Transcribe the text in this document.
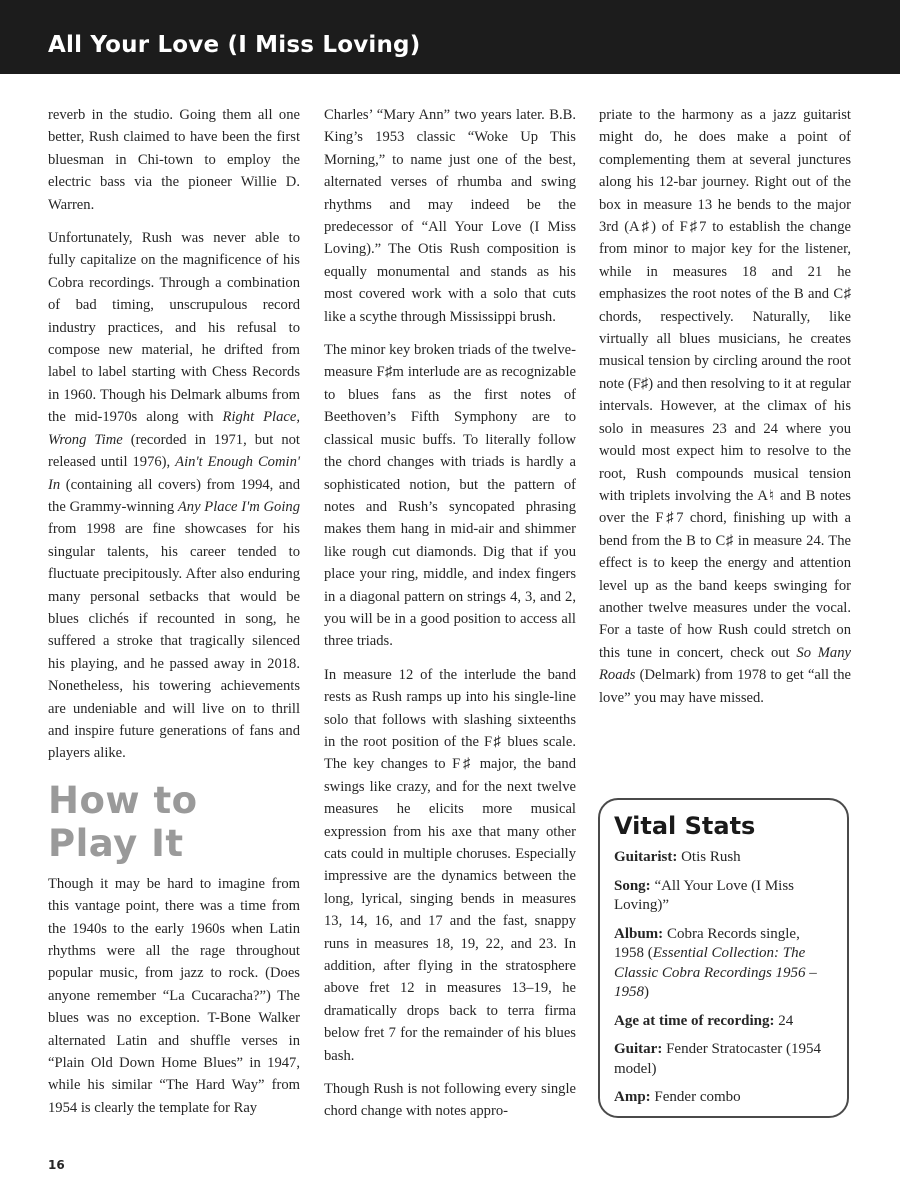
All Your Love (I Miss Loving)

reverb in the studio. Going them all one better, Rush claimed to have been the first bluesman in Chi-town to employ the electric bass via the pioneer Willie D. Warren.

Unfortunately, Rush was never able to fully capitalize on the magnificence of his Cobra recordings. Through a combination of bad timing, unscrupulous record industry practices, and his refusal to compose new material, he drifted from label to label starting with Chess Records in 1960. Though his Delmark albums from the mid-1970s along with Right Place, Wrong Time (recorded in 1971, but not released until 1976), Ain't Enough Comin' In (containing all covers) from 1994, and the Grammy-winning Any Place I'm Going from 1998 are fine showcases for his singular talents, his career tended to fluctuate precipitously. After also enduring many personal setbacks that would be blues clichés if recounted in song, he suffered a stroke that tragically silenced his playing, and he passed away in 2018. Nonetheless, his towering achievements are undeniable and will live on to thrill and inspire future generations of fans and players alike.

How to
Play It

Though it may be hard to imagine from this vantage point, there was a time from the 1940s to the early 1960s when Latin rhythms were all the rage throughout popular music, from jazz to rock. (Does anyone remember “La Cucaracha?”) The blues was no exception. T-Bone Walker alternated Latin and shuffle verses in “Plain Old Down Home Blues” in 1947, while his similar “The Hard Way” from 1954 is clearly the template for Ray

Charles’ “Mary Ann” two years later. B.B. King’s 1953 classic “Woke Up This Morning,” to name just one of the best, alternated verses of rhumba and swing rhythms and may indeed be the predecessor of “All Your Love (I Miss Loving).” The Otis Rush composition is equally monumental and stands as his most covered work with a solo that cuts like a scythe through Mississippi brush.

The minor key broken triads of the twelve-measure F♯m interlude are as recognizable to blues fans as the first notes of Beethoven’s Fifth Symphony are to classical music buffs. To literally follow the chord changes with triads is hardly a sophisticated notion, but the pattern of notes and Rush’s syncopated phrasing makes them hang in mid-air and shimmer like rough cut diamonds. Dig that if you place your ring, middle, and index fingers in a diagonal pattern on strings 4, 3, and 2, you will be in a good position to access all three triads.

In measure 12 of the interlude the band rests as Rush ramps up into his single-line solo that follows with slashing sixteenths in the root position of the F♯ blues scale. The key changes to F♯ major, the band swings like crazy, and for the next twelve measures he elicits more musical expression from his axe that many other cats could in multiple choruses. Especially impressive are the dynamics between the long, lyrical, singing bends in measures 13, 14, 16, and 17 and the fast, snappy runs in measures 18, 19, 22, and 23. In addition, after flying in the stratosphere above fret 12 in measures 13–19, he dramatically drops back to terra firma below fret 7 for the remainder of his blues bash.

Though Rush is not following every single chord change with notes appro-

priate to the harmony as a jazz guitarist might do, he does make a point of complementing them at several junctures along his 12-bar journey. Right out of the box in measure 13 he bends to the major 3rd (A♯) of F♯7 to establish the change from minor to major key for the listener, while in measures 18 and 21 he emphasizes the root notes of the B and C♯ chords, respectively. Naturally, like virtually all blues musicians, he creates musical tension by circling around the root note (F♯) and then resolving to it at regular intervals. However, at the climax of his solo in measures 23 and 24 where you would most expect him to resolve to the root, Rush compounds musical tension with triplets involving the A♮ and B notes over the F♯7 chord, finishing up with a bend from the B to C♯ in measure 24. The effect is to keep the energy and attention level up as the band keeps swinging for another twelve measures under the vocal. For a taste of how Rush could stretch on this tune in concert, check out So Many Roads (Delmark) from 1978 to get “all the love” you may have missed.

Vital Stats
Guitarist: Otis Rush
Song: “All Your Love (I Miss Loving)”
Album: Cobra Records single, 1958 (Essential Collection: The Classic Cobra Recordings 1956 – 1958)
Age at time of recording: 24
Guitar: Fender Stratocaster (1954 model)
Amp: Fender combo
16
